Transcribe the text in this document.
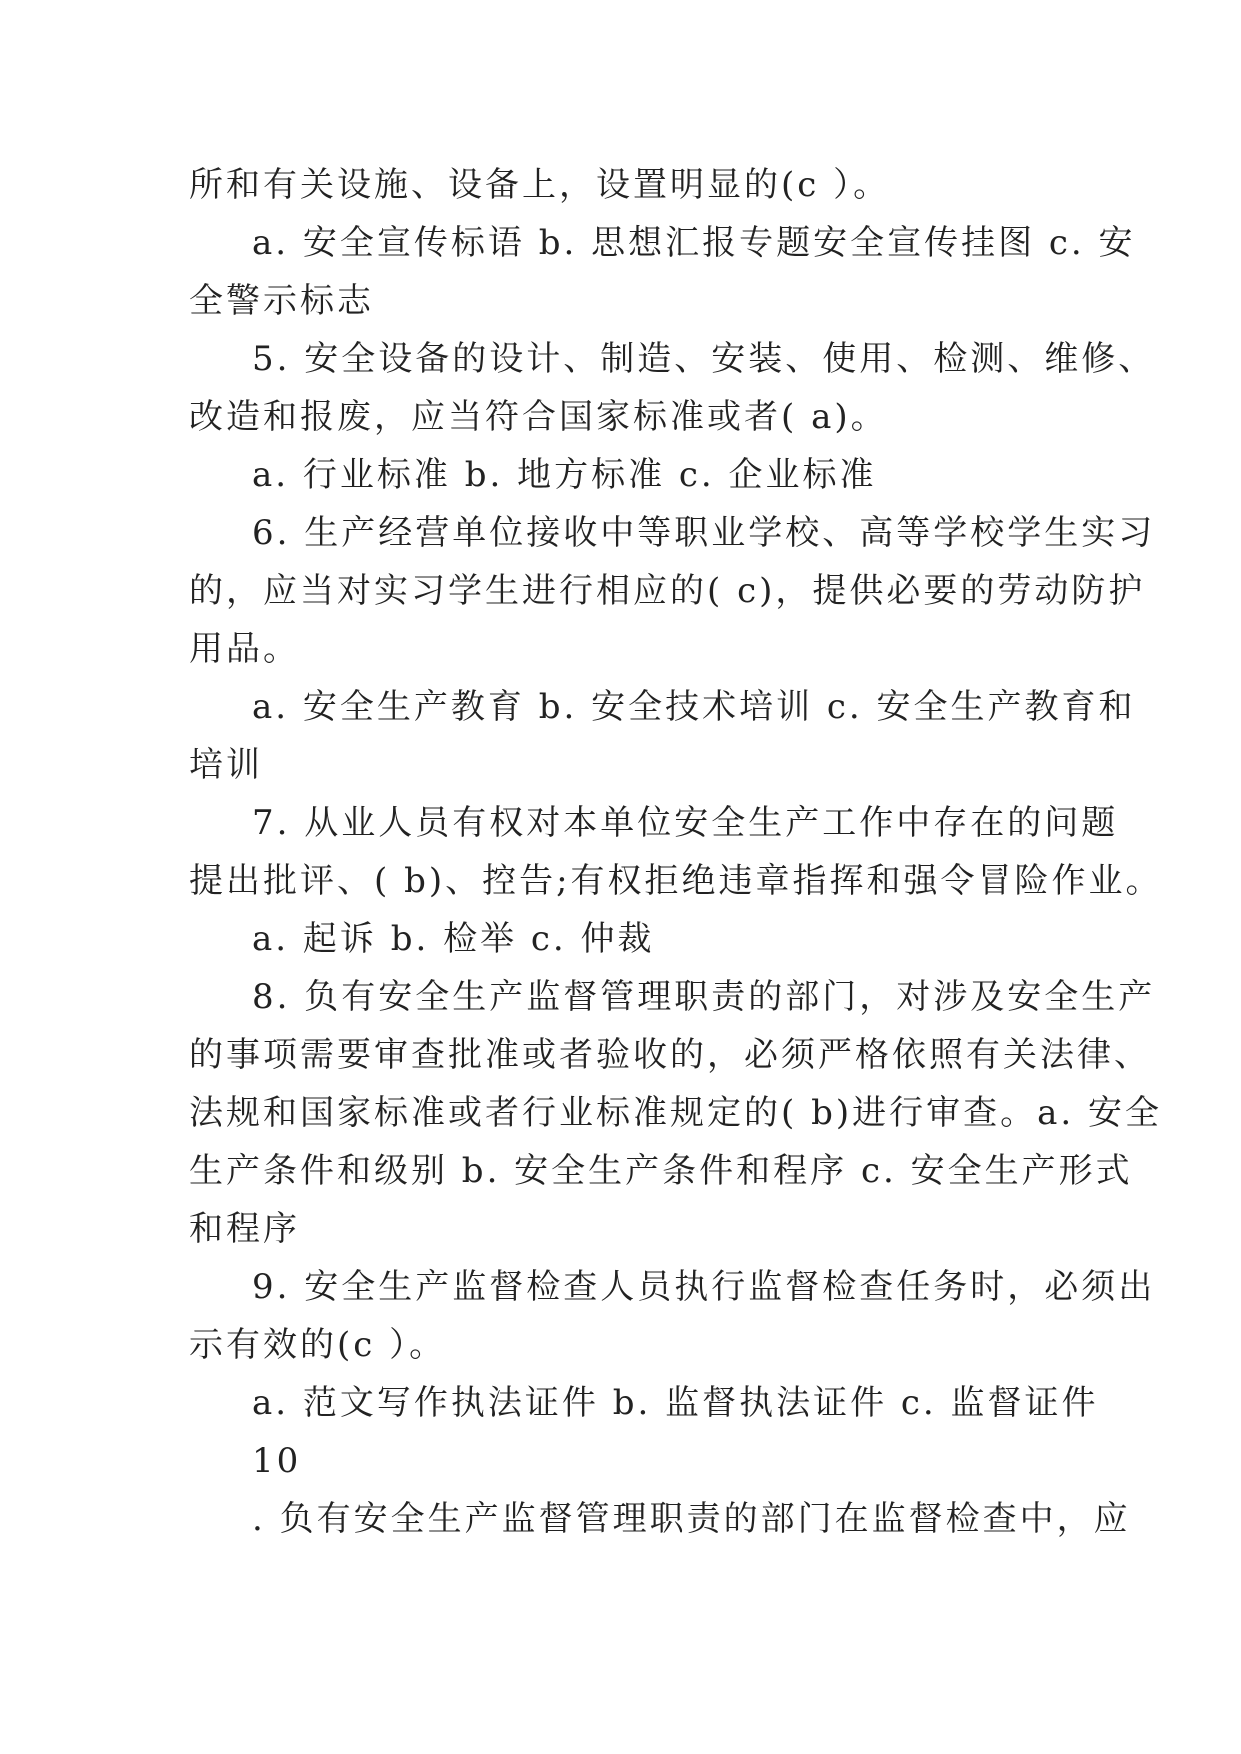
所和有关设施、设备上，设置明显的(c ）。
a. 安全宣传标语 b. 思想汇报专题安全宣传挂图 c. 安
全警示标志
5. 安全设备的设计、制造、安装、使用、检测、维修、
改造和报废，应当符合国家标准或者( a)。
a. 行业标准 b. 地方标准 c. 企业标准
6. 生产经营单位接收中等职业学校、高等学校学生实习
的，应当对实习学生进行相应的( c)，提供必要的劳动防护
用品。
a. 安全生产教育 b. 安全技术培训 c. 安全生产教育和
培训
7. 从业人员有权对本单位安全生产工作中存在的问题
提出批评、( b)、控告;有权拒绝违章指挥和强令冒险作业。
a. 起诉 b. 检举 c. 仲裁
8. 负有安全生产监督管理职责的部门，对涉及安全生产
的事项需要审查批准或者验收的，必须严格依照有关法律、
法规和国家标准或者行业标准规定的( b)进行审查。a. 安全
生产条件和级别 b. 安全生产条件和程序 c. 安全生产形式
和程序
9. 安全生产监督检查人员执行监督检查任务时，必须出
示有效的(c ）。
a. 范文写作执法证件 b. 监督执法证件 c. 监督证件
10
. 负有安全生产监督管理职责的部门在监督检查中，应
